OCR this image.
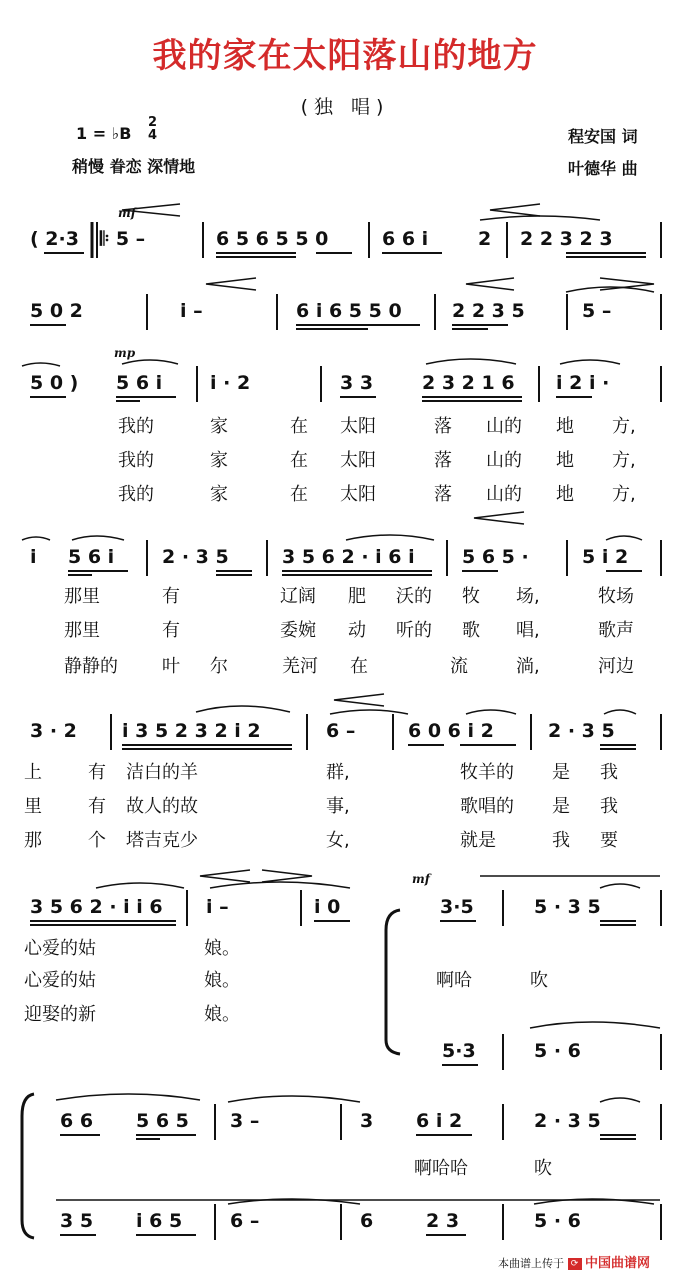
我的家在太阳落山的地方
(独 唱)
1 = ♭B
2
4
稍慢 眷恋 深情地
程安国 词
叶德华 曲
mf
mp
mf
( 2·3 𝄆 5 –	6 5 6 5 5 0	6 6 i	2 2 2 3 2 3
5 0 2	i –	6 i 6 5 5 0	2 2 3 5	5 –
5 0 ) 5 6 i	i · 2	3 3	2 3 2 1 6 i 2 i ·
我的	家	在 太阳	落 山的 地 方,
我的	家	在 太阳	落 山的 地 方,
我的	家	在 太阳	落 山的 地 方,
i 5 6 i	2 · 3 5	3 5 6 2 · i 6 i 5 6 5 ·	5 i 2
那里	有	辽阔 肥 沃的 牧 场,	牧场
那里	有	委婉 动 听的 歌 唱,	歌声
静静的 叶 尔	羌河 在	流	淌,	河边
3 · 2 i 3 5 2 3 2 i 2	6 –	6 0 6 i 2	2 · 3 5
上	有 洁白的羊	群,	牧羊的 是 我
里	有 故人的故	事,	歌唱的 是 我
那	个 塔吉克少	女,	就是	我 要
3 5 6 2 · i i 6 i –	i 0	3·5	5 · 3 5
5·3	5 · 6
心爱的姑	娘。
心爱的姑	娘。
迎娶的新	娘。
啊哈	吹
6 6 5 6 5 3 –	3 6 i 2	2 · 3 5
啊哈哈	吹
3 5 i 6 5	6 –	6	2 3	5 · 6
本曲谱上传于 ⟳ 中国曲谱网
